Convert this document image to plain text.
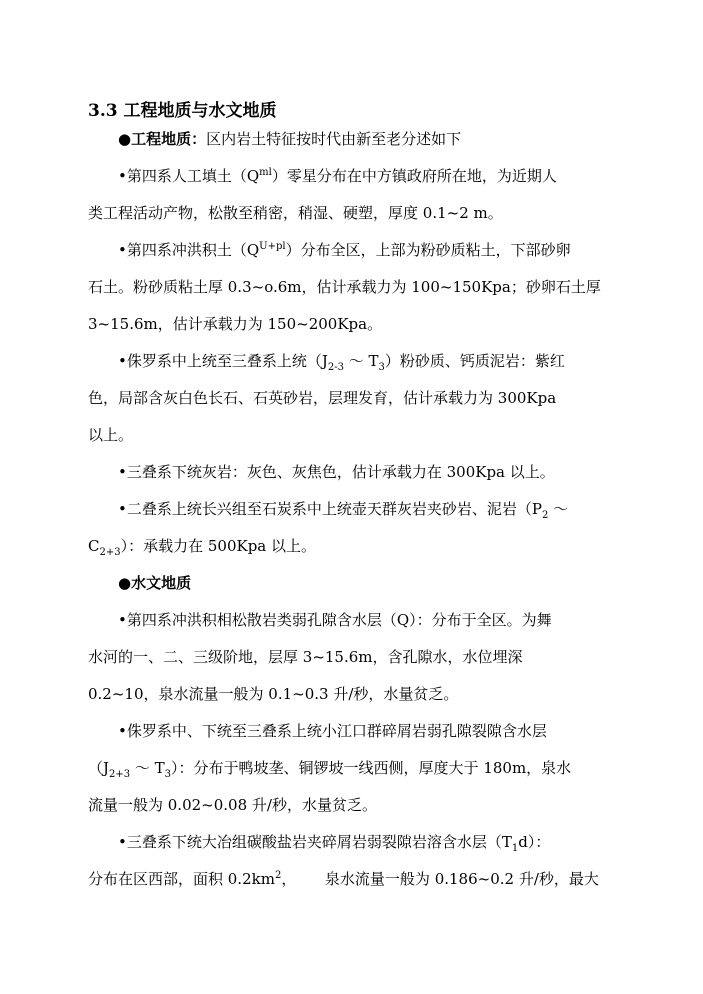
3.3 工程地质与水文地质
●工程地质：区内岩土特征按时代由新至老分述如下
•第四系人工填土$(Q^{ml})$零星分布在中方镇政府所在地，为近期人
类工程活动产物，松散至稍密，稍湿、硬塑，厚度 0.1~2 m。
•第四系冲洪积土$(Q^{U+pl})$分布全区，上部为粉砂质粘土，下部砂卵
石土。粉砂质粘土厚 0.3~o.6m，估计承载力为 100~150Kpa；砂卵石土厚
3~15.6m，估计承载力为 150~200Kpa。
•侏罗系中上统至三叠系上统（$J_{2-3}$ ～ $T_3$）粉砂质、钙质泥岩：紫红
色，局部含灰白色长石、石英砂岩，层理发育，估计承载力为 300Kpa
以上。
•三叠系下统灰岩：灰色、灰焦色，估计承载力在 300Kpa 以上。
•二叠系上统长兴组至石炭系中上统壶天群灰岩夹砂岩、泥岩（$P_2$ ～
$C_{2+3}$）：承载力在 500Kpa 以上。
●水文地质
•第四系冲洪积相松散岩类弱孔隙含水层（Q）：分布于全区。为舞
水河的一、二、三级阶地，层厚 3~15.6m，含孔隙水，水位埋深
0.2~10，泉水流量一般为 0.1~0.3 升/秒，水量贫乏。
•侏罗系中、下统至三叠系上统小江口群碎屑岩弱孔隙裂隙含水层
（$J_{2+3}$ ～ $T_3$）：分布于鸭坡垄、铜锣坡一线西侧，厚度大于 180m，泉水
流量一般为 0.02~0.08 升/秒，水量贫乏。
•三叠系下统大冶组碳酸盐岩夹碎屑岩弱裂隙岩溶含水层$(T_1d)$：
分布在区西部，面积 $0.2km^2$，      泉水流量一般为 0.186~0.2 升/秒，最大
